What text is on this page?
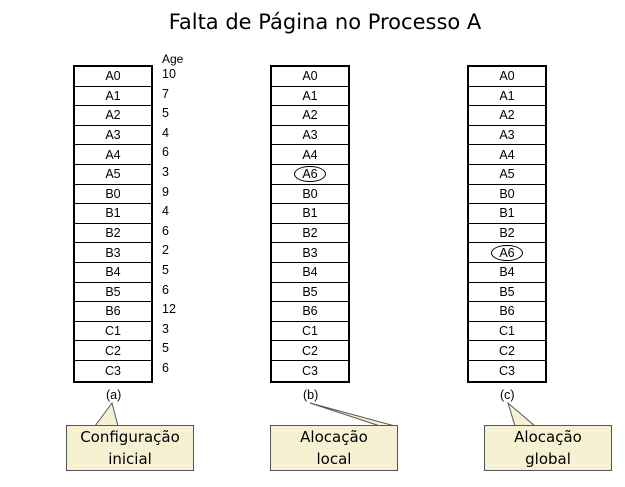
Falta de Página no Processo A
A0
A1
A2
A3
A4
A5
B0
B1
B2
B3
B4
B5
B6
C1
C2
C3
Age
10
7
5
4
6
3
9
4
6
2
5
6
12
3
5
6
(a)
A0
A1
A2
A3
A4
A6
B0
B1
B2
B3
B4
B5
B6
C1
C2
C3
(b)
A0
A1
A2
A3
A4
A5
B0
B1
B2
A6
B4
B5
B6
C1
C2
C3
(c)
Configuração
inicial
Alocação
local
Alocação
global
